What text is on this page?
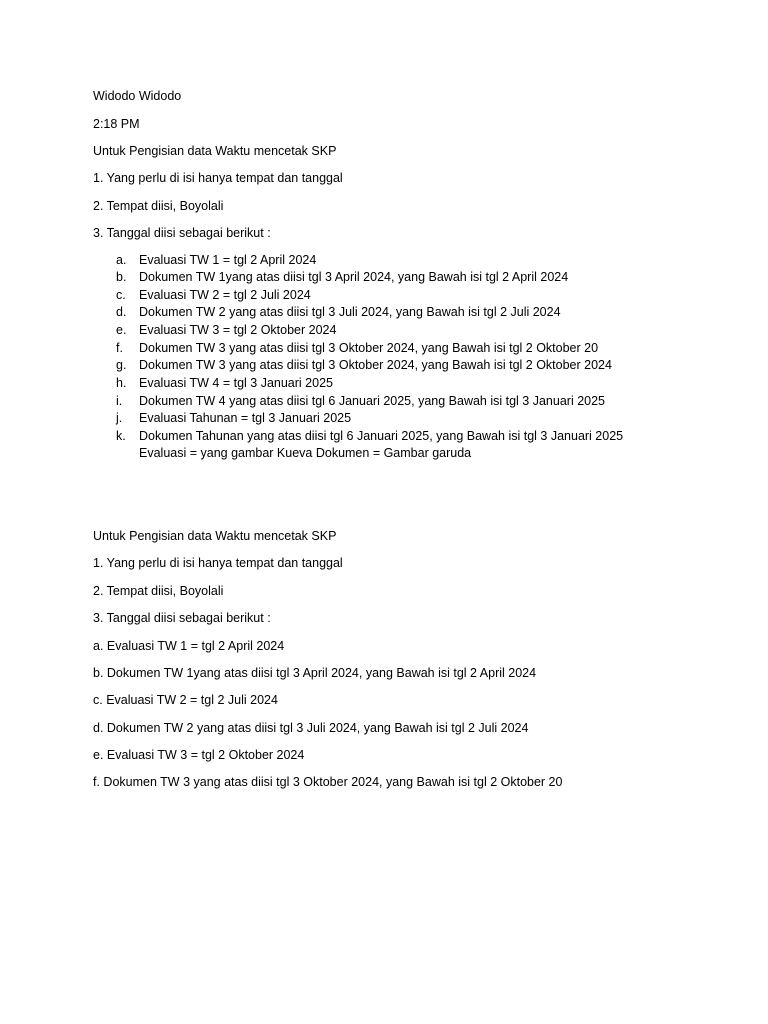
Widodo Widodo
2:18 PM
Untuk Pengisian data Waktu mencetak SKP
1. Yang perlu di isi hanya tempat dan tanggal
2. Tempat diisi, Boyolali
3. Tanggal diisi sebagai berikut :
a. Evaluasi TW 1 = tgl 2 April 2024
b. Dokumen TW 1yang atas diisi tgl 3 April 2024, yang Bawah isi tgl 2 April 2024
c. Evaluasi TW 2 = tgl 2 Juli 2024
d. Dokumen TW 2 yang atas diisi tgl 3 Juli 2024, yang Bawah isi tgl 2 Juli 2024
e. Evaluasi TW 3 = tgl 2 Oktober 2024
f. Dokumen TW 3 yang atas diisi tgl 3 Oktober 2024, yang Bawah isi tgl 2 Oktober 20
g. Dokumen TW 3 yang atas diisi tgl 3 Oktober 2024, yang Bawah isi tgl 2 Oktober 2024
h. Evaluasi TW 4 = tgl 3 Januari 2025
i. Dokumen TW 4 yang atas diisi tgl 6 Januari 2025, yang Bawah isi tgl 3 Januari 2025
j. Evaluasi Tahunan = tgl 3 Januari 2025
k. Dokumen Tahunan yang atas diisi tgl 6 Januari 2025, yang Bawah isi tgl 3 Januari 2025
Evaluasi = yang gambar Kueva Dokumen = Gambar garuda
Untuk Pengisian data Waktu mencetak SKP
1. Yang perlu di isi hanya tempat dan tanggal
2. Tempat diisi, Boyolali
3. Tanggal diisi sebagai berikut :
a. Evaluasi TW 1 = tgl 2 April 2024
b. Dokumen TW 1yang atas diisi tgl 3 April 2024, yang Bawah isi tgl 2 April 2024
c. Evaluasi TW 2 = tgl 2 Juli 2024
d. Dokumen TW 2 yang atas diisi tgl 3 Juli 2024, yang Bawah isi tgl 2 Juli 2024
e. Evaluasi TW 3 = tgl 2 Oktober 2024
f. Dokumen TW 3 yang atas diisi tgl 3 Oktober 2024, yang Bawah isi tgl 2 Oktober 20
